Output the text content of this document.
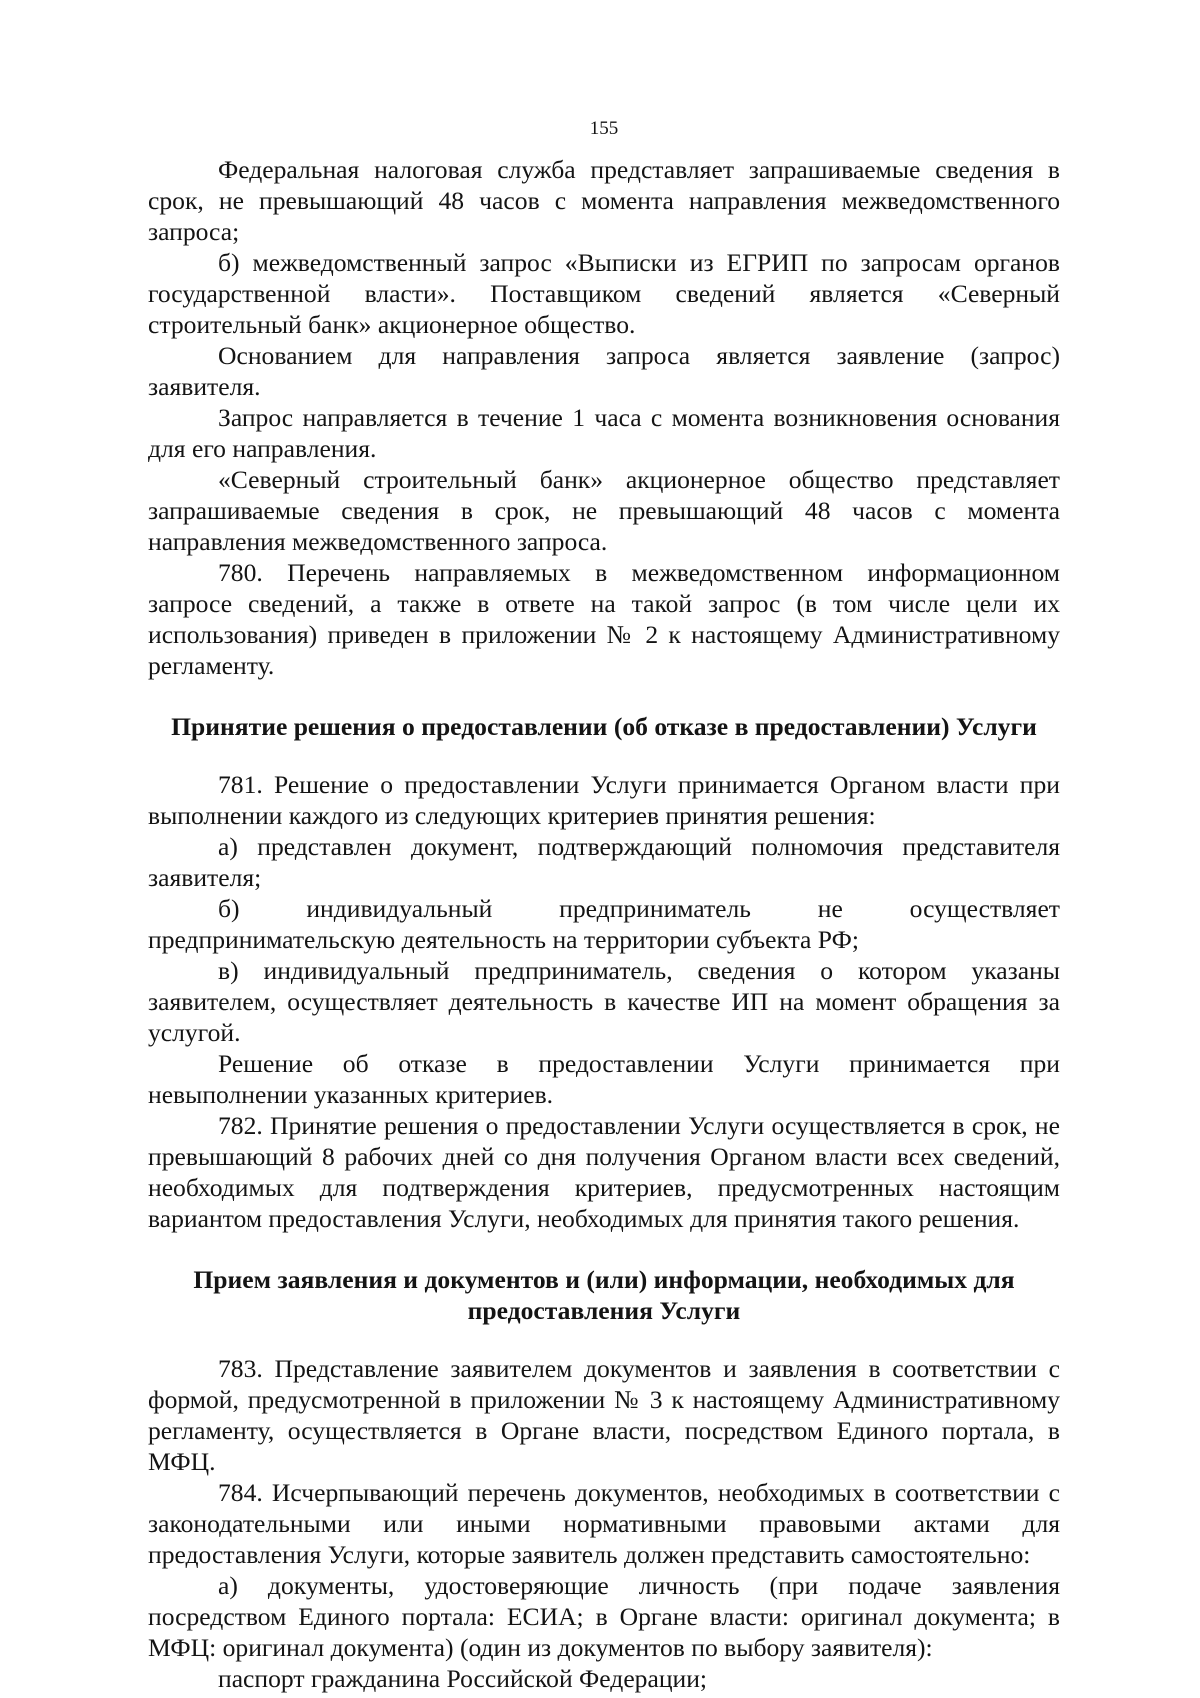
155

Федеральная налоговая служба представляет запрашиваемые сведения в срок, не превышающий 48 часов с момента направления межведомственного запроса;

б) межведомственный запрос «Выписки из ЕГРИП по запросам органов государственной власти». Поставщиком сведений является «Северный строительный банк» акционерное общество.

Основанием для направления запроса является заявление (запрос) заявителя.

Запрос направляется в течение 1 часа с момента возникновения основания для его направления.

«Северный строительный банк» акционерное общество представляет запрашиваемые сведения в срок, не превышающий 48 часов с момента направления межведомственного запроса.

780. Перечень направляемых в межведомственном информационном запросе сведений, а также в ответе на такой запрос (в том числе цели их использования) приведен в приложении № 2 к настоящему Административному регламенту.

Принятие решения о предоставлении (об отказе в предоставлении) Услуги

781. Решение о предоставлении Услуги принимается Органом власти при выполнении каждого из следующих критериев принятия решения:

а) представлен документ, подтверждающий полномочия представителя заявителя;

б) индивидуальный предприниматель не осуществляет предпринимательскую деятельность на территории субъекта РФ;

в) индивидуальный предприниматель, сведения о котором указаны заявителем, осуществляет деятельность в качестве ИП на момент обращения за услугой.

Решение об отказе в предоставлении Услуги принимается при невыполнении указанных критериев.

782. Принятие решения о предоставлении Услуги осуществляется в срок, не превышающий 8 рабочих дней со дня получения Органом власти всех сведений, необходимых для подтверждения критериев, предусмотренных настоящим вариантом предоставления Услуги, необходимых для принятия такого решения.

Прием заявления и документов и (или) информации, необходимых для предоставления Услуги

783. Представление заявителем документов и заявления в соответствии с формой, предусмотренной в приложении № 3 к настоящему Административному регламенту, осуществляется в Органе власти, посредством Единого портала, в МФЦ.

784. Исчерпывающий перечень документов, необходимых в соответствии с законодательными или иными нормативными правовыми актами для предоставления Услуги, которые заявитель должен представить самостоятельно:

а) документы, удостоверяющие личность (при подаче заявления посредством Единого портала: ЕСИА; в Органе власти: оригинал документа; в МФЦ: оригинал документа) (один из документов по выбору заявителя):

паспорт гражданина Российской Федерации;
